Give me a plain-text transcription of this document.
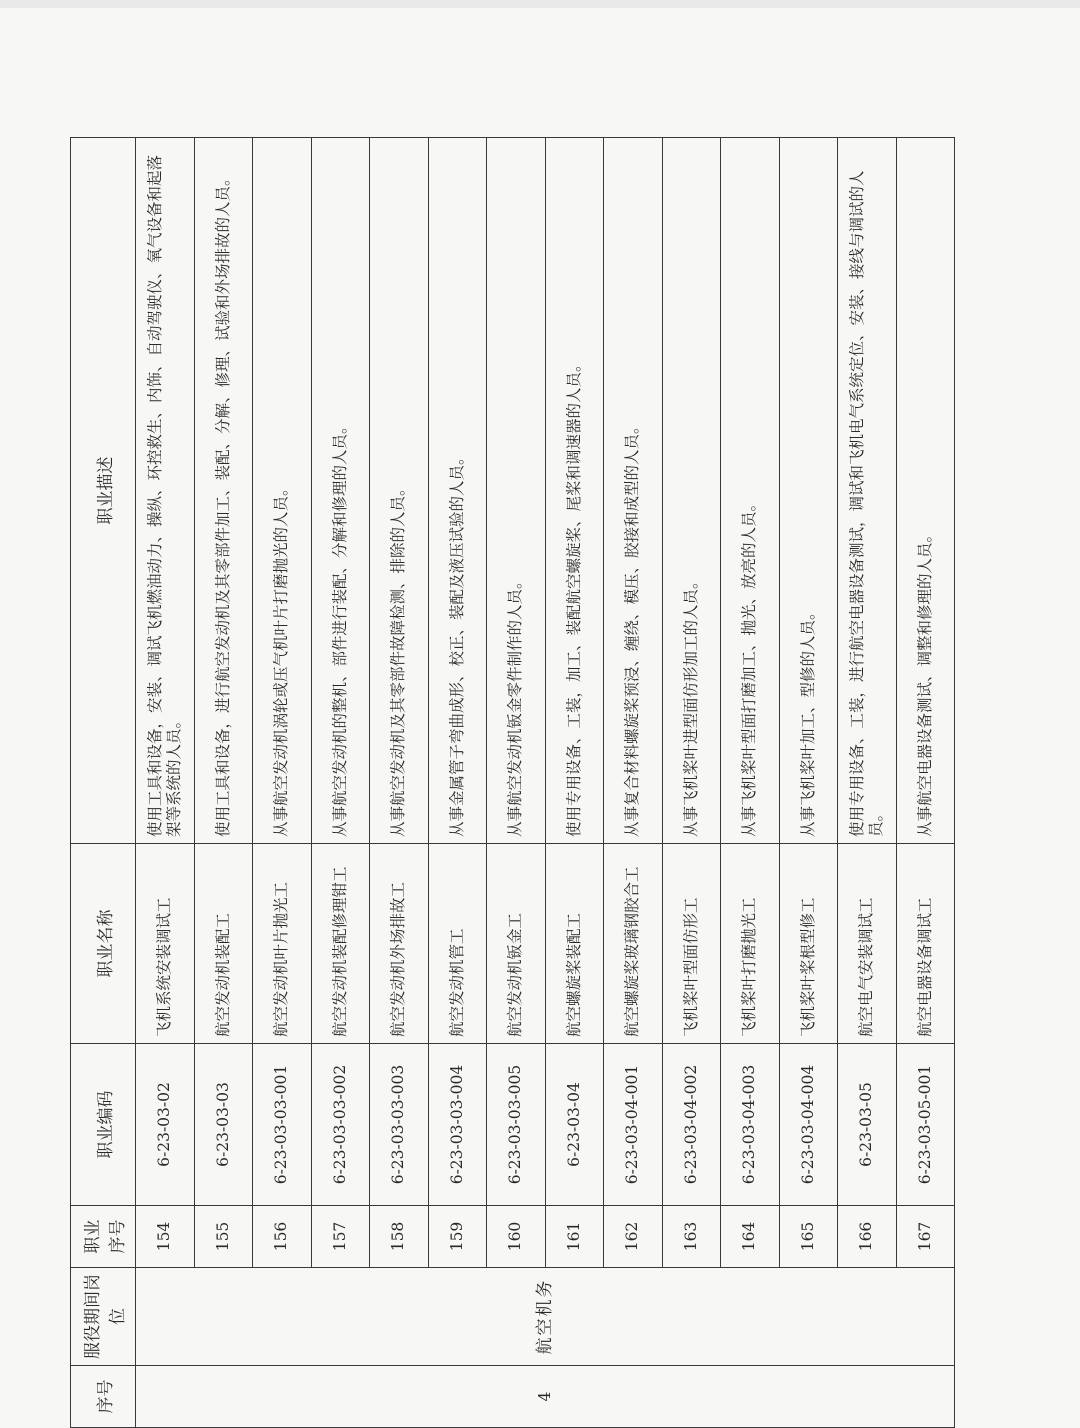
序号	服役期间岗位	职业序号	职业编码	职业名称	职业描述
4	航空机务	154	6-23-03-02	飞机系统安装调试工	使用工具和设备，安装、调试飞机燃油动力、操纵、环控救生、内饰、自动驾驶仪、氧气设备和起落架等系统的人员。
		155	6-23-03-03	航空发动机装配工	使用工具和设备，进行航空发动机及其零部件加工、装配、分解、修理、试验和外场排故的人员。
		156	6-23-03-03-001	航空发动机叶片抛光工	从事航空发动机涡轮或压气机叶片打磨抛光的人员。
		157	6-23-03-03-002	航空发动机装配修理钳工	从事航空发动机的整机、部件进行装配、分解和修理的人员。
		158	6-23-03-03-003	航空发动机外场排故工	从事航空发动机及其零部件故障检测、排除的人员。
		159	6-23-03-03-004	航空发动机管工	从事金属管子弯曲成形、校正、装配及液压试验的人员。
		160	6-23-03-03-005	航空发动机钣金工	从事航空发动机钣金零件制作的人员。
		161	6-23-03-04	航空螺旋桨装配工	使用专用设备、工装，加工、装配航空螺旋桨、尾桨和调速器的人员。
		162	6-23-03-04-001	航空螺旋桨玻璃钢胶合工	从事复合材料螺旋桨预浸、缠绕、模压、胶接和成型的人员。
		163	6-23-03-04-002	飞机桨叶型面仿形工	从事飞机桨叶进型面仿形加工的人员。
		164	6-23-03-04-003	飞机桨叶打磨抛光工	从事飞机桨叶型面打磨加工、抛光、放亮的人员。
		165	6-23-03-04-004	飞机桨叶桨根型修工	从事飞机桨叶加工、型修的人员。
		166	6-23-03-05	航空电气安装调试工	使用专用设备、工装，进行航空电器设备测试，调试和飞机电气系统定位、安装、接线与调试的人员。
		167	6-23-03-05-001	航空电器设备调试工	从事航空电器设备测试、调整和修理的人员。
